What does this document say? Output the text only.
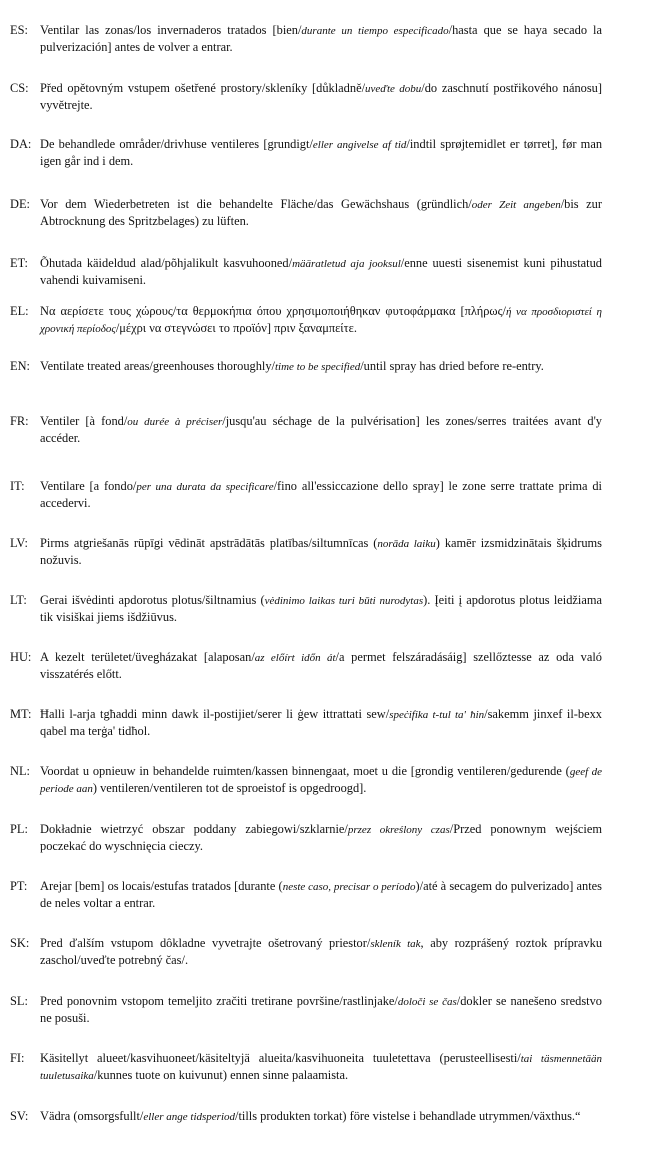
ES: Ventilar las zonas/los invernaderos tratados [bien/durante un tiempo especificado/hasta que se haya secado la pulverización] antes de volver a entrar.
CS: Před opětovným vstupem ošetřené prostory/skleníky [důkladně/uveďte dobu/do zaschnutí postřikového nánosu] vyvětrejte.
DA: De behandlede områder/drivhuse ventileres [grundigt/eller angivelse af tid/indtil sprøjtemidlet er tørret], før man igen går ind i dem.
DE: Vor dem Wiederbetreten ist die behandelte Fläche/das Gewächshaus (gründlich/oder Zeit angeben/bis zur Abtrocknung des Spritzbelages) zu lüften.
ET: Õhutada käideldud alad/põhjalikult kasvuhooned/määratletud aja jooksul/enne uuesti sisenemist kuni pihustatud vahendi kuivamiseni.
EL: Να αερίσετε τους χώρους/τα θερμοκήπια όπου χρησιμοποιήθηκαν φυτοφάρμακα [πλήρως/ή να προσδιοριστεί η χρονική περίοδος/μέχρι να στεγνώσει το προϊόν] πριν ξαναμπείτε.
EN: Ventilate treated areas/greenhouses thoroughly/time to be specified/until spray has dried before re-entry.
FR: Ventiler [à fond/ou durée à préciser/jusqu'au séchage de la pulvérisation] les zones/serres traitées avant d'y accéder.
IT:	Ventilare [a fondo/per una durata da specificare/fino all'essiccazione dello spray] le zone serre trattate prima di accedervi.
LV: Pirms atgriešanās rūpīgi vēdināt apstrādātās platības/siltumnīcas (norāda laiku) kamēr izsmidzinātais šķidrums nožuvis.
LT:	Gerai išvėdinti apdorotus plotus/šiltnamius (vėdinimo laikas turi būti nurodytas). Įeiti į apdorotus plotus leidžiama tik visiškai jiems išdžiūvus.
HU: A kezelt területet/üvegházakat [alaposan/az előírt időn át/a permet felszáradásáig] szellőztesse az oda való visszatérés előtt.
MT: Ħalli l-arja tgħaddi minn dawk il-postijiet/serer li ġew ittrattati sew/speċifika t-tul ta' ħin/sakemm jinxef il-bexx qabel ma terġa' tidħol.
NL: Voordat u opnieuw in behandelde ruimten/kassen binnengaat, moet u die [grondig ventileren/gedurende (geef de periode aan) ventileren/ventileren tot de sproeistof is opgedroogd].
PL: Dokładnie wietrzyć obszar poddany zabiegowi/szklarnie/przez określony czas/Przed ponownym wejściem poczekać do wyschnięcia cieczy.
PT:	Arejar [bem] os locais/estufas tratados [durante (neste caso, precisar o período)/até à secagem do pulverizado] antes de neles voltar a entrar.
SK: Pred ďalším vstupom dôkladne vyvetrajte ošetrovaný priestor/skleník tak, aby rozprášený roztok prípravku zaschol/uveďte potrebný čas/.
SL: Pred ponovnim vstopom temeljito zračiti tretirane površine/rastlinjake/določi se čas/dokler se nanešeno sredstvo ne posuši.
FI:	Käsitellyt alueet/kasvihuoneet/käsiteltyjä alueita/kasvihuoneita tuuletettava (perusteellisesti/tai täsmennetään tuuletusaika/kunnes tuote on kuivunut) ennen sinne palaamista.
SV: Vädra (omsorgsfullt/eller ange tidsperiod/tills produkten torkat) före vistelse i behandlade utrymmen/växthus.“
